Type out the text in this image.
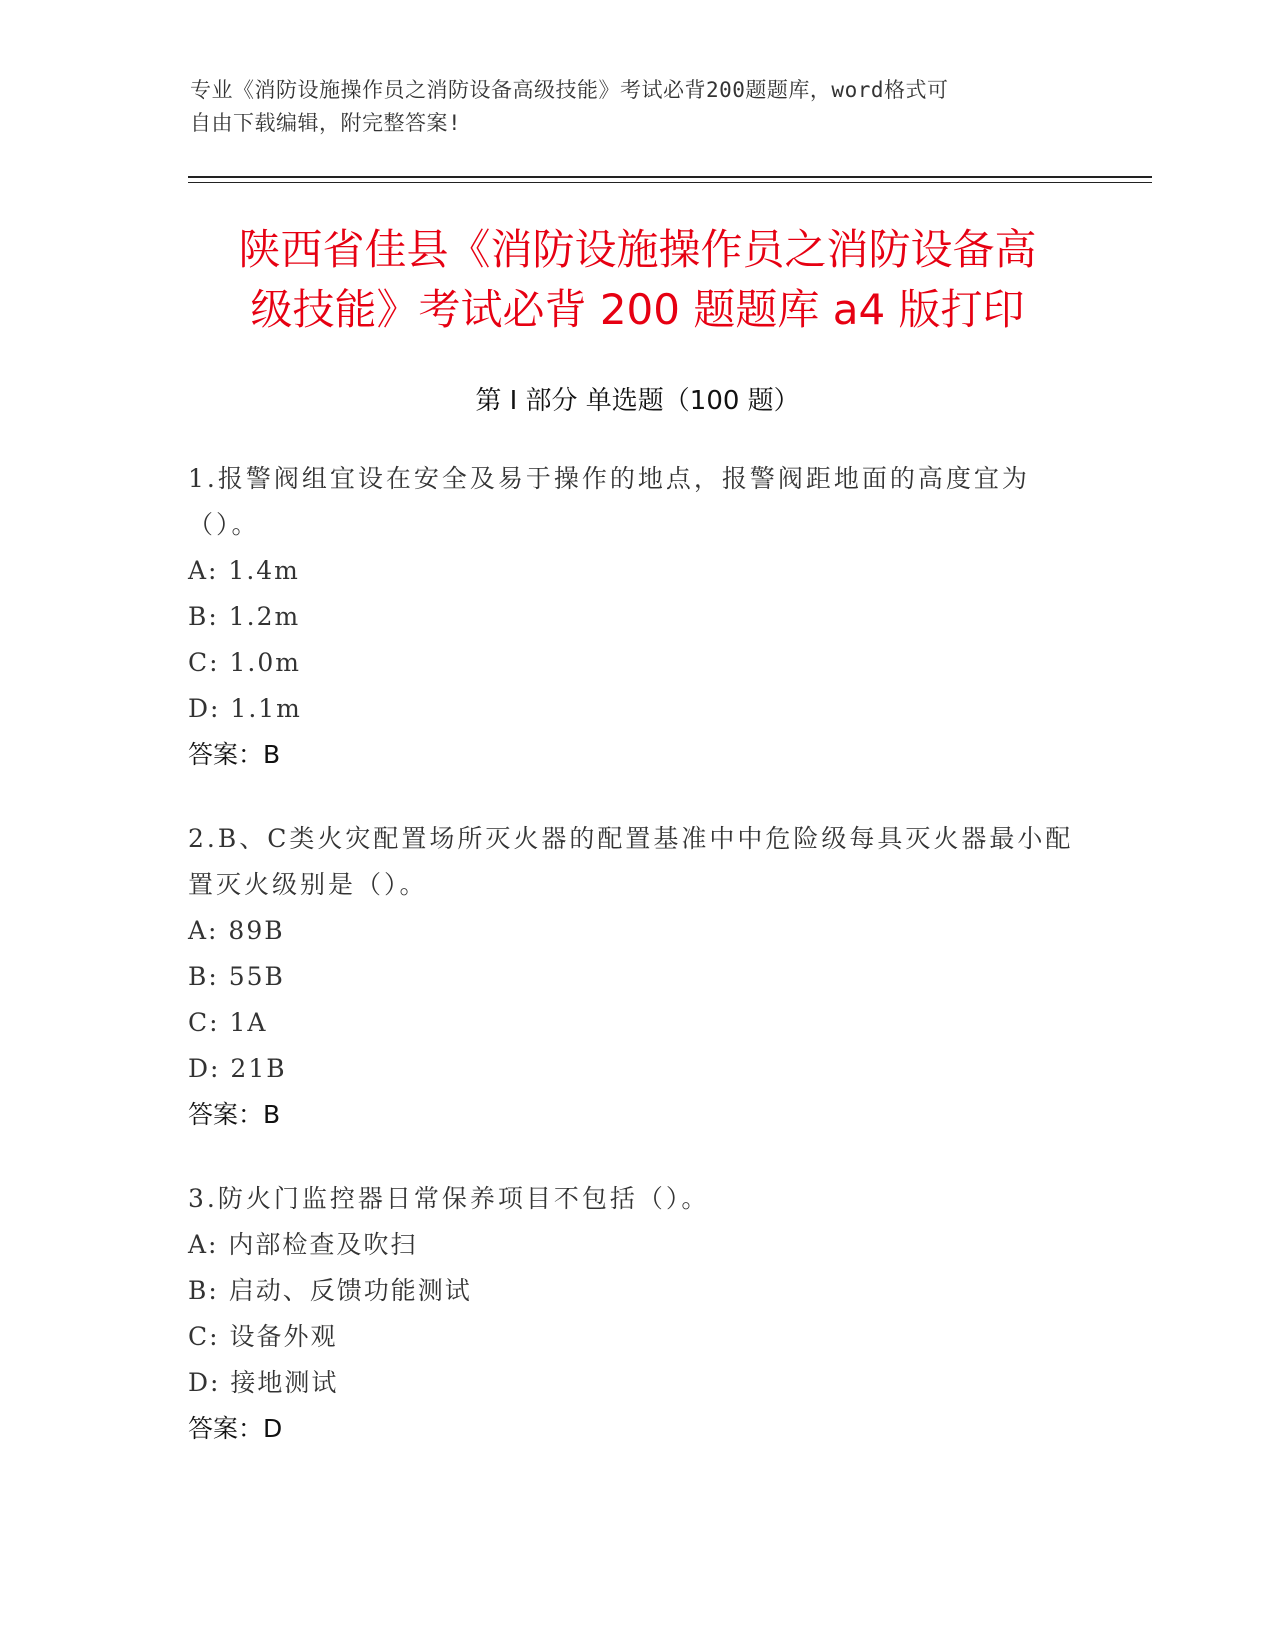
专业《消防设施操作员之消防设备高级技能》考试必背200题题库，word格式可
自由下载编辑，附完整答案!
陕西省佳县《消防设施操作员之消防设备高
级技能》考试必背 200 题题库 a4 版打印
第 I 部分 单选题（100 题）
1.报警阀组宜设在安全及易于操作的地点，报警阀距地面的高度宜为（）。
A: 1.4m
B: 1.2m
C: 1.0m
D: 1.1m
答案：B
2.B、C类火灾配置场所灭火器的配置基准中中危险级每具灭火器最小配置灭火级别是（）。
A: 89B
B: 55B
C: 1A
D: 21B
答案：B
3.防火门监控器日常保养项目不包括（）。
A: 内部检查及吹扫
B: 启动、反馈功能测试
C: 设备外观
D: 接地测试
答案：D
